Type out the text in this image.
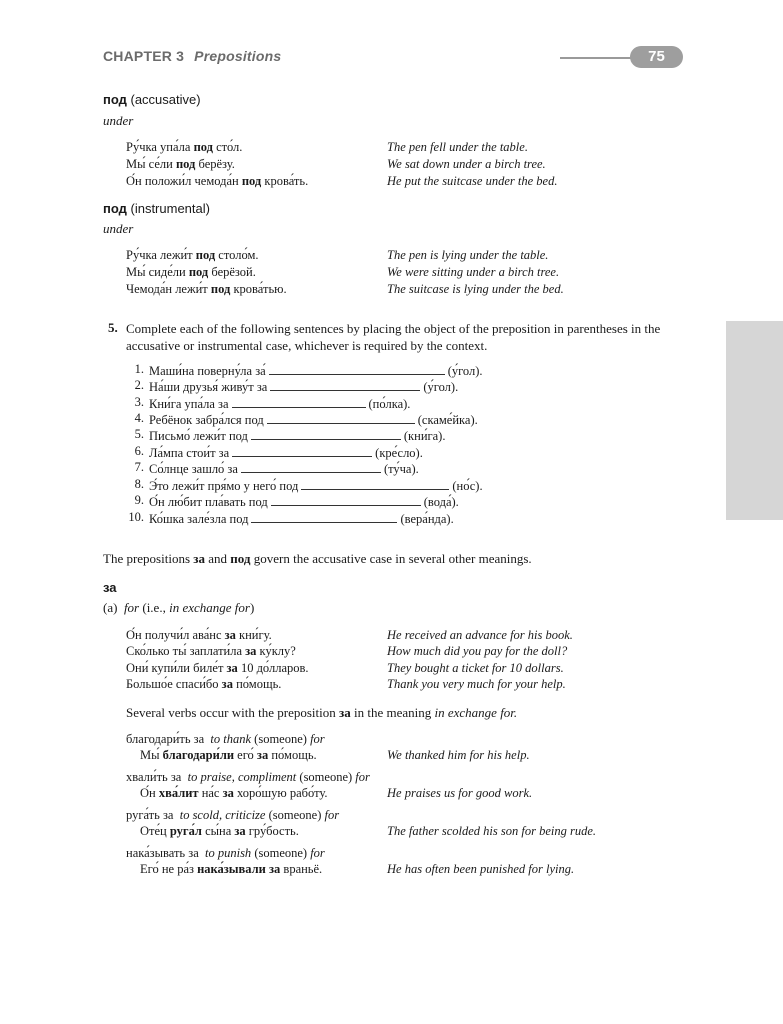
CHAPTER 3 Prepositions	75
под (accusative)
under
Ру́чка упа́ла под сто́л.	The pen fell under the table.
Мы́ се́ли под берёзу.	We sat down under a birch tree.
О́н положи́л чемода́н под крова́ть.	He put the suitcase under the bed.
под (instrumental)
under
Ру́чка лежи́т под столо́м.	The pen is lying under the table.
Мы́ сиде́ли под берёзой.	We were sitting under a birch tree.
Чемода́н лежи́т под крова́тью.	The suitcase is lying under the bed.
5. Complete each of the following sentences by placing the object of the preposition in parentheses in the accusative or instrumental case, whichever is required by the context.
1. Маши́на поверну́ла за́	(у́гол).
2. На́ши друзья́ живу́т за	(у́гол).
3. Кни́га упа́ла за	(по́лка).
4. Ребёнок забра́лся под	(скаме́йка).
5. Письмо́ лежи́т под	(кни́га).
6. Ла́мпа стои́т за	(кре́сло).
7. Со́лнце зашло́ за	(ту́ча).
8. Э́то лежи́т пря́мо у него́ под	(но́с).
9. О́н лю́бит пла́вать под	(вода́).
10. Ко́шка зале́зла под	(вера́нда).
The prepositions за and под govern the accusative case in several other meanings.
за
(a) for (i.e., in exchange for)
О́н получи́л ава́нс за кни́гу.	He received an advance for his book.
Ско́лько ты́ заплати́ла за ку́клу?	How much did you pay for the doll?
Они́ купи́ли биле́т за 10 до́лларов.	They bought a ticket for 10 dollars.
Большо́е спаси́бо за по́мощь.	Thank you very much for your help.
Several verbs occur with the preposition за in the meaning in exchange for.
благодари́ть за to thank (someone) for
Мы́ благодари́ли его́ за по́мощь.	We thanked him for his help.
хвали́ть за to praise, compliment (someone) for
О́н хва́лит на́с за хоро́шую рабо́ту.	He praises us for good work.
руга́ть за to scold, criticize (someone) for
Оте́ц руга́л сы́на за гру́бость.	The father scolded his son for being rude.
нака́зывать за to punish (someone) for
Его́ не ра́з нака́зывали за враньё.	He has often been punished for lying.
